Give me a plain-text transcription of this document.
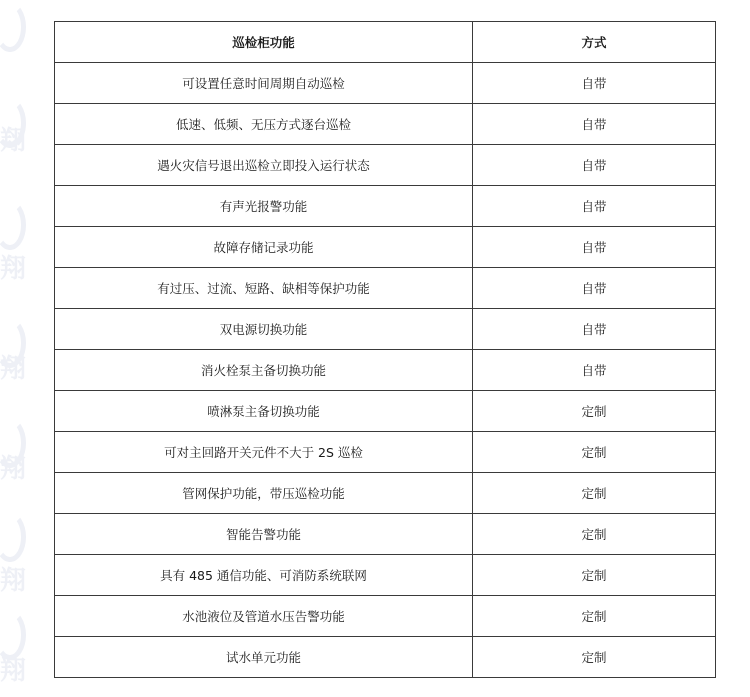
翔
翔
翔
翔
翔
翔
巡检柜功能	方式
可设置任意时间周期自动巡检	自带
低速、低频、无压方式逐台巡检	自带
遇火灾信号退出巡检立即投入运行状态	自带
有声光报警功能	自带
故障存储记录功能	自带
有过压、过流、短路、缺相等保护功能	自带
双电源切换功能	自带
消火栓泵主备切换功能	自带
喷淋泵主备切换功能	定制
可对主回路开关元件不大于 2S 巡检	定制
管网保护功能，带压巡检功能	定制
智能告警功能	定制
具有 485 通信功能、可消防系统联网	定制
水池液位及管道水压告警功能	定制
试水单元功能	定制
